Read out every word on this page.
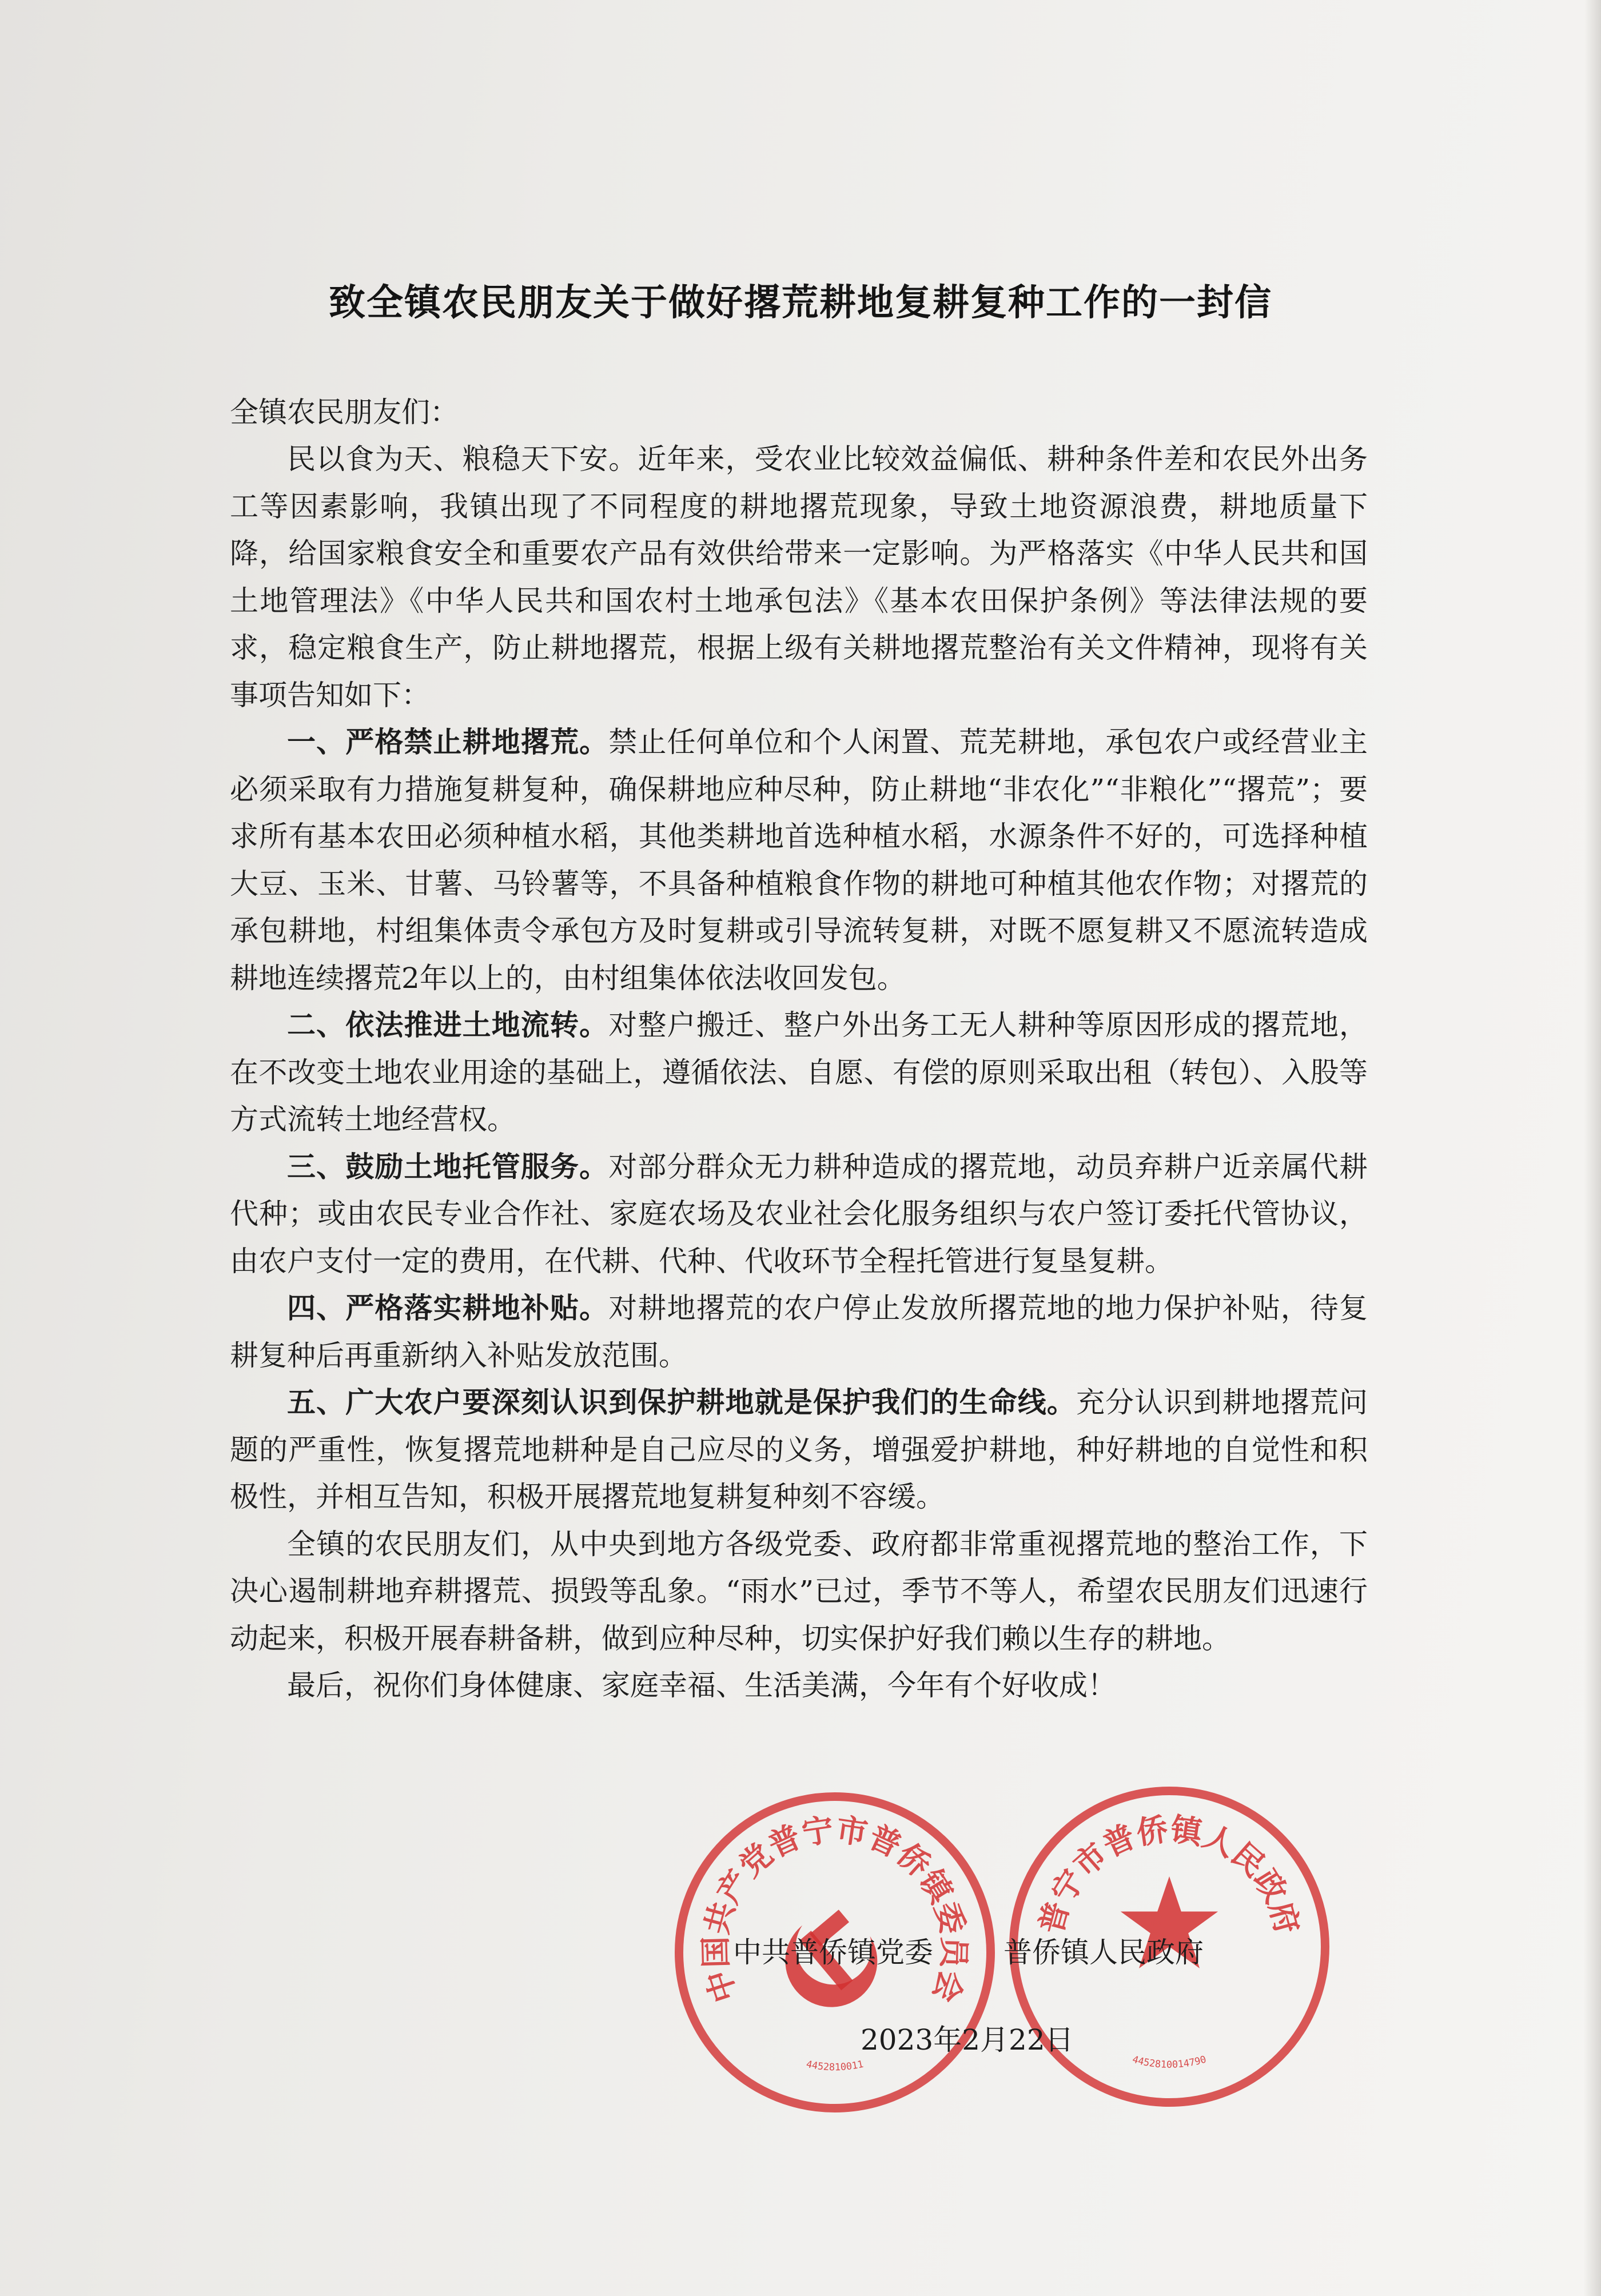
致全镇农民朋友关于做好撂荒耕地复耕复种工作的一封信
全镇农民朋友们：

民以食为天、粮稳天下安。近年来，受农业比较效益偏低、耕种条件差和农民外出务工等因素影响，我镇出现了不同程度的耕地撂荒现象，导致土地资源浪费，耕地质量下降，给国家粮食安全和重要农产品有效供给带来一定影响。为严格落实《中华人民共和国土地管理法》《中华人民共和国农村土地承包法》《基本农田保护条例》等法律法规的要求，稳定粮食生产，防止耕地撂荒，根据上级有关耕地撂荒整治有关文件精神，现将有关事项告知如下：

一、严格禁止耕地撂荒。禁止任何单位和个人闲置、荒芜耕地，承包农户或经营业主必须采取有力措施复耕复种，确保耕地应种尽种，防止耕地“非农化”“非粮化”“撂荒”；要求所有基本农田必须种植水稻，其他类耕地首选种植水稻，水源条件不好的，可选择种植大豆、玉米、甘薯、马铃薯等，不具备种植粮食作物的耕地可种植其他农作物；对撂荒的承包耕地，村组集体责令承包方及时复耕或引导流转复耕，对既不愿复耕又不愿流转造成耕地连续撂荒2年以上的，由村组集体依法收回发包。

二、依法推进土地流转。对整户搬迁、整户外出务工无人耕种等原因形成的撂荒地，在不改变土地农业用途的基础上，遵循依法、自愿、有偿的原则采取出租（转包）、入股等方式流转土地经营权。

三、鼓励土地托管服务。对部分群众无力耕种造成的撂荒地，动员弃耕户近亲属代耕代种；或由农民专业合作社、家庭农场及农业社会化服务组织与农户签订委托代管协议，由农户支付一定的费用，在代耕、代种、代收环节全程托管进行复垦复耕。

四、严格落实耕地补贴。对耕地撂荒的农户停止发放所撂荒地的地力保护补贴，待复耕复种后再重新纳入补贴发放范围。

五、广大农户要深刻认识到保护耕地就是保护我们的生命线。充分认识到耕地撂荒问题的严重性，恢复撂荒地耕种是自己应尽的义务，增强爱护耕地，种好耕地的自觉性和积极性，并相互告知，积极开展撂荒地复耕复种刻不容缓。

全镇的农民朋友们，从中央到地方各级党委、政府都非常重视撂荒地的整治工作，下决心遏制耕地弃耕撂荒、损毁等乱象。“雨水”已过，季节不等人，希望农民朋友们迅速行动起来，积极开展春耕备耕，做到应种尽种，切实保护好我们赖以生存的耕地。

最后，祝你们身体健康、家庭幸福、生活美满，今年有个好收成！

中国共产党普宁市普侨镇委员会
4452810011
普宁市普侨镇人民政府
4452810014790
中共普侨镇党委 普侨镇人民政府
2023年2月22日
